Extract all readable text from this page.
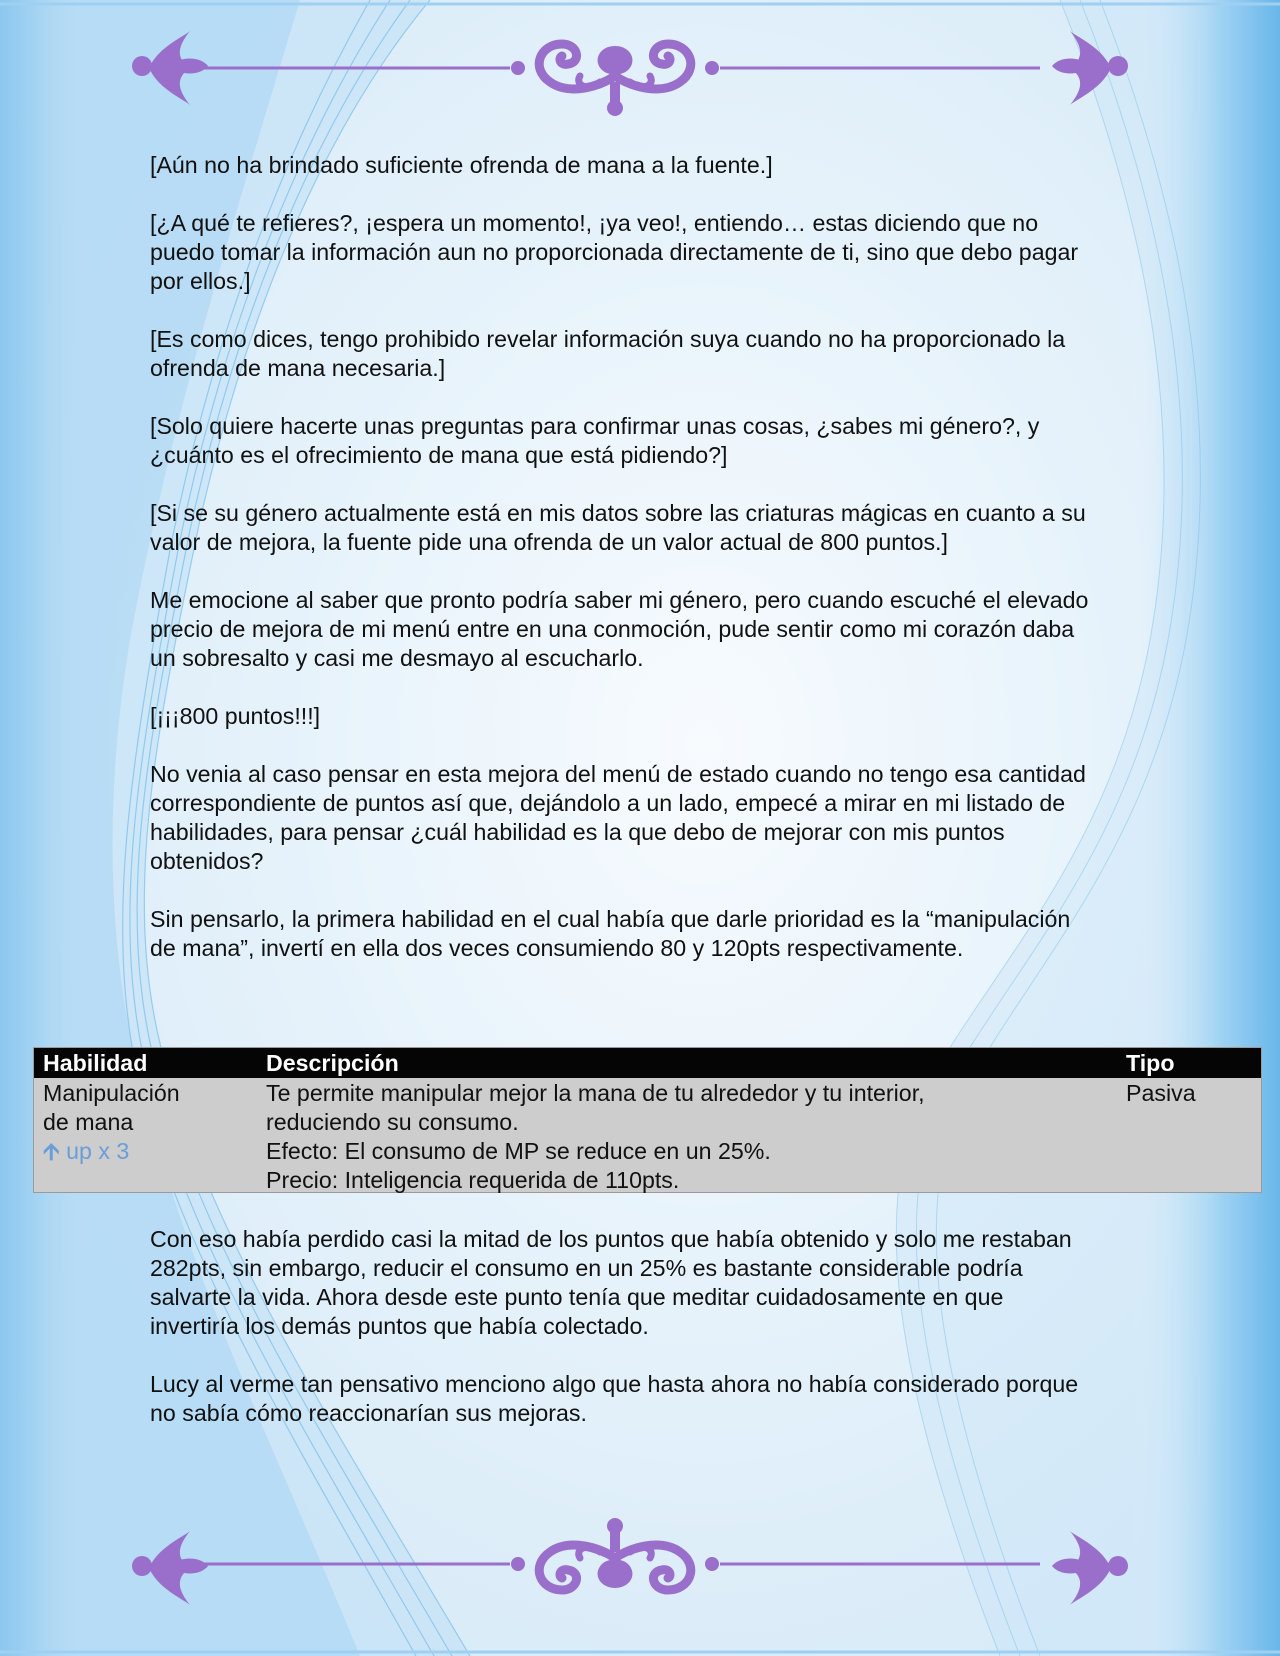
[Aún no ha brindado suficiente ofrenda de mana a la fuente.]

[¿A qué te refieres?, ¡espera un momento!, ¡ya veo!, entiendo… estas diciendo que no puedo tomar la información aun no proporcionada directamente de ti, sino que debo pagar por ellos.]

[Es como dices, tengo prohibido revelar información suya cuando no ha proporcionado la ofrenda de mana necesaria.]

[Solo quiere hacerte unas preguntas para confirmar unas cosas, ¿sabes mi género?, y ¿cuánto es el ofrecimiento de mana que está pidiendo?]

[Si se su género actualmente está en mis datos sobre las criaturas mágicas en cuanto a su valor de mejora, la fuente pide una ofrenda de un valor actual de 800 puntos.]

Me emocione al saber que pronto podría saber mi género, pero cuando escuché el elevado precio de mejora de mi menú entre en una conmoción, pude sentir como mi corazón daba un sobresalto y casi me desmayo al escucharlo.

[¡¡¡800 puntos!!!]

No venia al caso pensar en esta mejora del menú de estado cuando no tengo esa cantidad correspondiente de puntos así que, dejándolo a un lado, empecé a mirar en mi listado de habilidades, para pensar ¿cuál habilidad es la que debo de mejorar con mis puntos obtenidos?

Sin pensarlo, la primera habilidad en el cual había que darle prioridad es la “manipulación de mana”, invertí en ella dos veces consumiendo 80 y 120pts respectivamente.

Habilidad	Descripción	Tipo
Manipulación
de mana
🡩 up x 3
Te permite manipular mejor la mana de tu alrededor y tu interior,
reduciendo su consumo.
Efecto: El consumo de MP se reduce en un 25%.
Precio: Inteligencia requerida de 110pts.
Pasiva

Con eso había perdido casi la mitad de los puntos que había obtenido y solo me restaban 282pts, sin embargo, reducir el consumo en un 25% es bastante considerable podría salvarte la vida. Ahora desde este punto tenía que meditar cuidadosamente en que invertiría los demás puntos que había colectado.

Lucy al verme tan pensativo menciono algo que hasta ahora no había considerado porque no sabía cómo reaccionarían sus mejoras.
